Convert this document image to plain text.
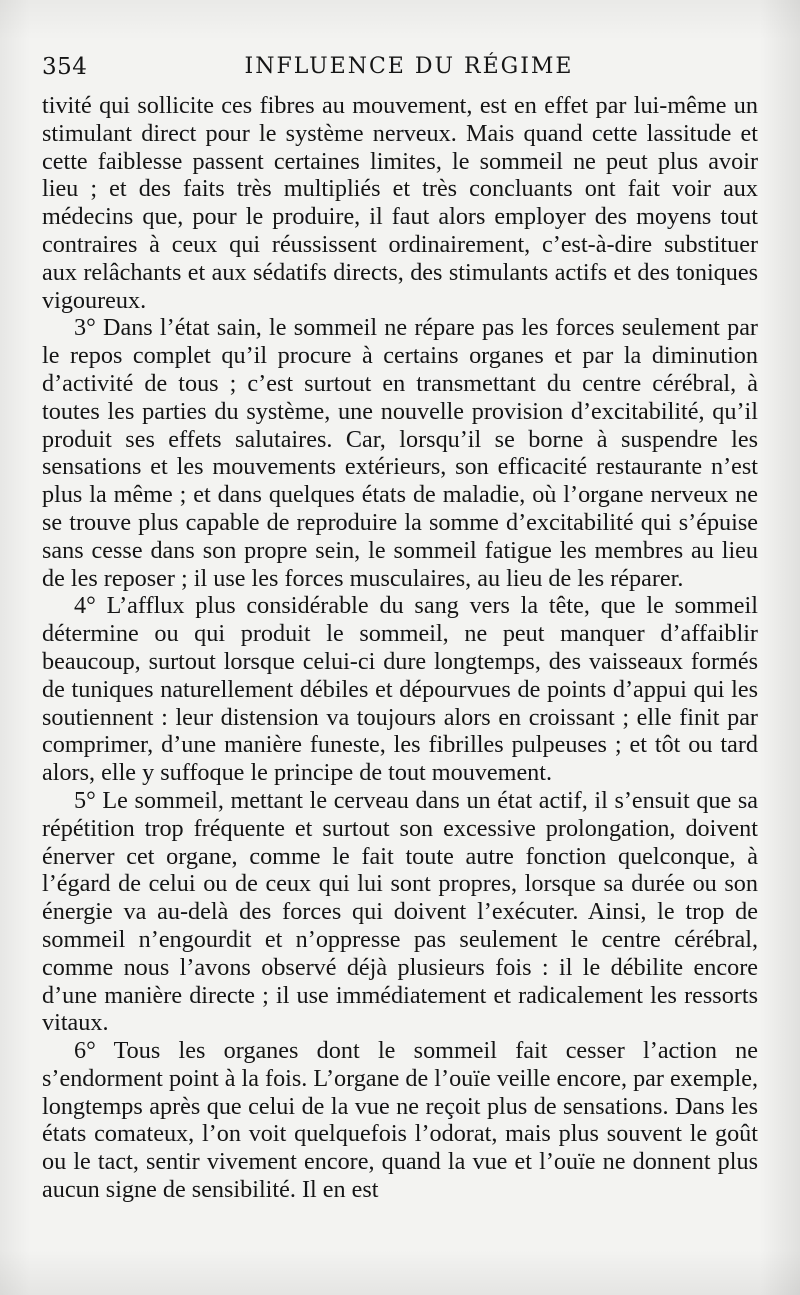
354	INFLUENCE DU RÉGIME

tivité qui sollicite ces fibres au mouvement, est en effet par lui-même un stimulant direct pour le système nerveux. Mais quand cette lassitude et cette faiblesse passent certaines limites, le sommeil ne peut plus avoir lieu ; et des faits très multipliés et très concluants ont fait voir aux médecins que, pour le produire, il faut alors employer des moyens tout contraires à ceux qui réussissent ordinairement, c’est-à-dire substituer aux relâchants et aux sédatifs directs, des stimulants actifs et des toniques vigoureux.

3° Dans l’état sain, le sommeil ne répare pas les forces seulement par le repos complet qu’il procure à certains organes et par la diminution d’activité de tous ; c’est surtout en transmettant du centre cérébral, à toutes les parties du système, une nouvelle provision d’excitabilité, qu’il produit ses effets salutaires. Car, lorsqu’il se borne à suspendre les sensations et les mouvements extérieurs, son efficacité restaurante n’est plus la même ; et dans quelques états de maladie, où l’organe nerveux ne se trouve plus capable de reproduire la somme d’excitabilité qui s’épuise sans cesse dans son propre sein, le sommeil fatigue les membres au lieu de les reposer ; il use les forces musculaires, au lieu de les réparer.

4° L’afflux plus considérable du sang vers la tête, que le sommeil détermine ou qui produit le sommeil, ne peut manquer d’affaiblir beaucoup, surtout lorsque celui-ci dure longtemps, des vaisseaux formés de tuniques naturellement débiles et dépourvues de points d’appui qui les soutiennent : leur distension va toujours alors en croissant ; elle finit par comprimer, d’une manière funeste, les fibrilles pulpeuses ; et tôt ou tard alors, elle y suffoque le principe de tout mouvement.

5° Le sommeil, mettant le cerveau dans un état actif, il s’ensuit que sa répétition trop fréquente et surtout son excessive prolongation, doivent énerver cet organe, comme le fait toute autre fonction quelconque, à l’égard de celui ou de ceux qui lui sont propres, lorsque sa durée ou son énergie va au-delà des forces qui doivent l’exécuter. Ainsi, le trop de sommeil n’engourdit et n’oppresse pas seulement le centre cérébral, comme nous l’avons observé déjà plusieurs fois : il le débilite encore d’une manière directe ; il use immédiatement et radicalement les ressorts vitaux.

6° Tous les organes dont le sommeil fait cesser l’action ne s’endorment point à la fois. L’organe de l’ouïe veille encore, par exemple, longtemps après que celui de la vue ne reçoit plus de sensations. Dans les états comateux, l’on voit quelquefois l’odorat, mais plus souvent le goût ou le tact, sentir vivement encore, quand la vue et l’ouïe ne donnent plus aucun signe de sensibilité. Il en est
